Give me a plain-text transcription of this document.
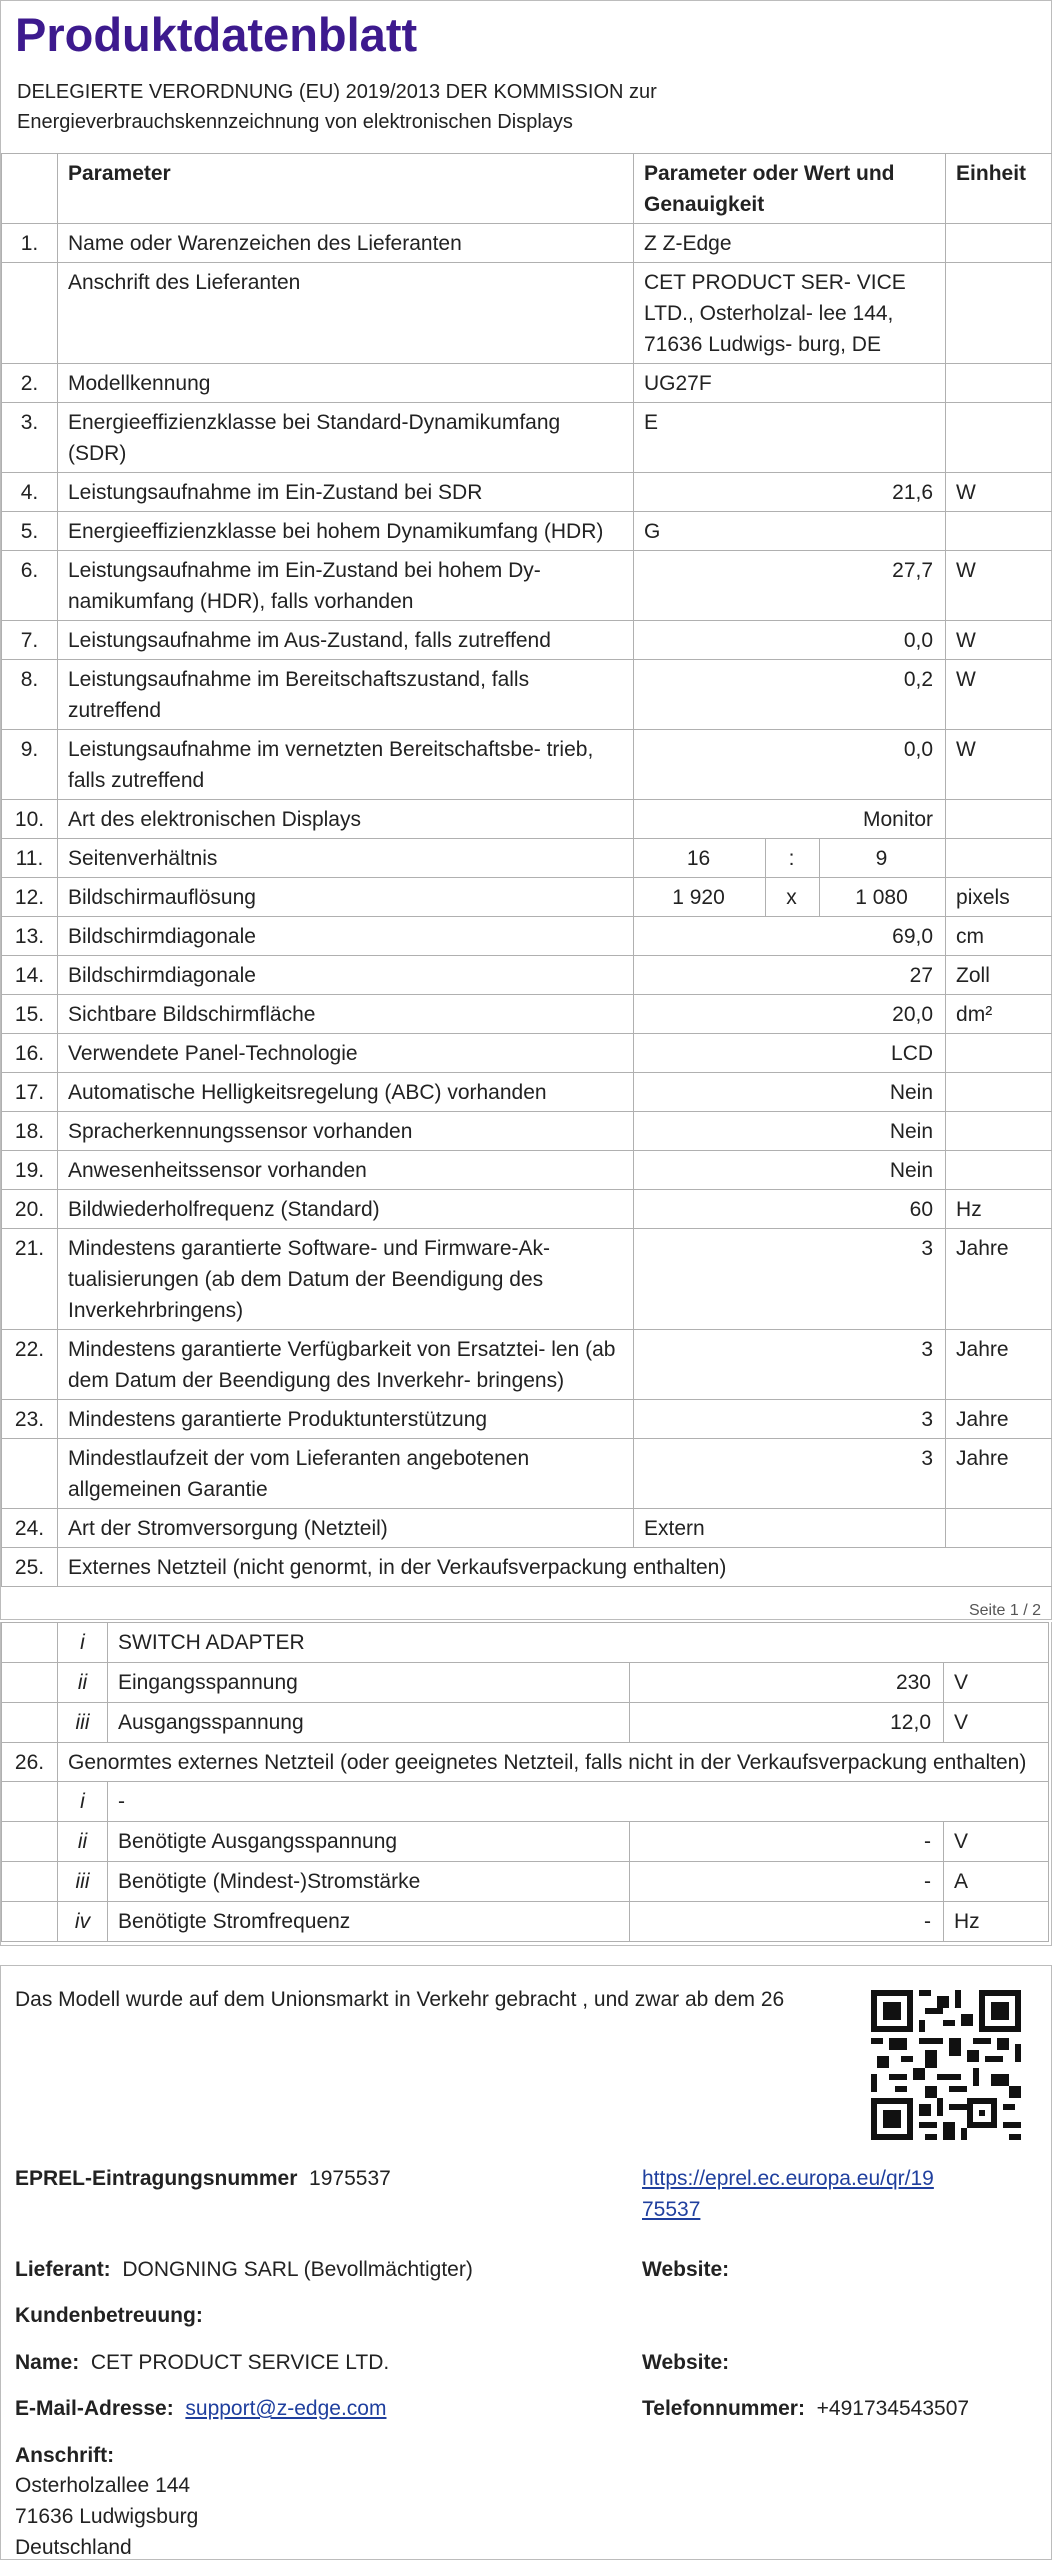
Produktdatenblatt
DELEGIERTE VERORDNUNG (EU) 2019/2013 DER KOMMISSION zur
Energieverbrauchskennzeichnung von elektronischen Displays
	Parameter	Parameter oder Wert und Genauigkeit			Einheit
1.	Name oder Warenzeichen des Lieferanten	Z Z-Edge			
	Anschrift des Lieferanten	CET PRODUCT SER- VICE LTD., Osterholzal- lee 144, 71636 Ludwigs- burg, DE			
2.	Modellkennung	UG27F			
3.	Energieeffizienzklasse bei Standard-Dynamikumfang (SDR)	E			
4.	Leistungsaufnahme im Ein-Zustand bei SDR	21,6			W
5.	Energieeffizienzklasse bei hohem Dynamikumfang (HDR)	G			
6.	Leistungsaufnahme im Ein-Zustand bei hohem Dy- namikumfang (HDR), falls vorhanden	27,7			W
7.	Leistungsaufnahme im Aus-Zustand, falls zutreffend	0,0			W
8.	Leistungsaufnahme im Bereitschaftszustand, falls zutreffend	0,2			W
9.	Leistungsaufnahme im vernetzten Bereitschaftsbe- trieb, falls zutreffend	0,0			W
10.	Art des elektronischen Displays	Monitor			
11.	Seitenverhältnis	16	:	9	
12.	Bildschirmauflösung	1 920	x	1 080	pixels
13.	Bildschirmdiagonale	69,0			cm
14.	Bildschirmdiagonale	27			Zoll
15.	Sichtbare Bildschirmfläche	20,0			dm²
16.	Verwendete Panel-Technologie	LCD			
17.	Automatische Helligkeitsregelung (ABC) vorhanden	Nein			
18.	Spracherkennungssensor vorhanden	Nein			
19.	Anwesenheitssensor vorhanden	Nein			
20.	Bildwiederholfrequenz (Standard)	60			Hz
21.	Mindestens garantierte Software- und Firmware-Ak- tualisierungen (ab dem Datum der Beendigung des Inverkehrbringens)	3			Jahre
22.	Mindestens garantierte Verfügbarkeit von Ersatztei- len (ab dem Datum der Beendigung des Inverkehr- bringens)	3			Jahre
23.	Mindestens garantierte Produktunterstützung	3			Jahre
	Mindestlaufzeit der vom Lieferanten angebotenen allgemeinen Garantie	3			Jahre
24.	Art der Stromversorgung (Netzteil)	Extern			
25.	Externes Netzteil (nicht genormt, in der Verkaufsverpackung enthalten)				
Seite 1 / 2
	i	SWITCH ADAPTER		
	ii	Eingangsspannung	230	V
	iii	Ausgangsspannung	12,0	V
26.	Genormtes externes Netzteil (oder geeignetes Netzteil, falls nicht in der Verkaufsverpackung enthalten)			
	i	-		
	ii	Benötigte Ausgangsspannung	-	V
	iii	Benötigte (Mindest-)Stromstärke	-	A
	iv	Benötigte Stromfrequenz	-	Hz
Das Modell wurde auf dem Unionsmarkt in Verkehr gebracht , und zwar ab dem 26
EPREL-Eintragungsnummer 1975537	https://eprel.ec.europa.eu/qr/19
75537
Lieferant: DONGNING SARL (Bevollmächtigter)	Website:
Kundenbetreuung:
Name: CET PRODUCT SERVICE LTD.	Website:
E-Mail-Adresse: support@z-edge.com	Telefonnummer: +491734543507
Anschrift:
Osterholzallee 144
71636 Ludwigsburg
Deutschland
